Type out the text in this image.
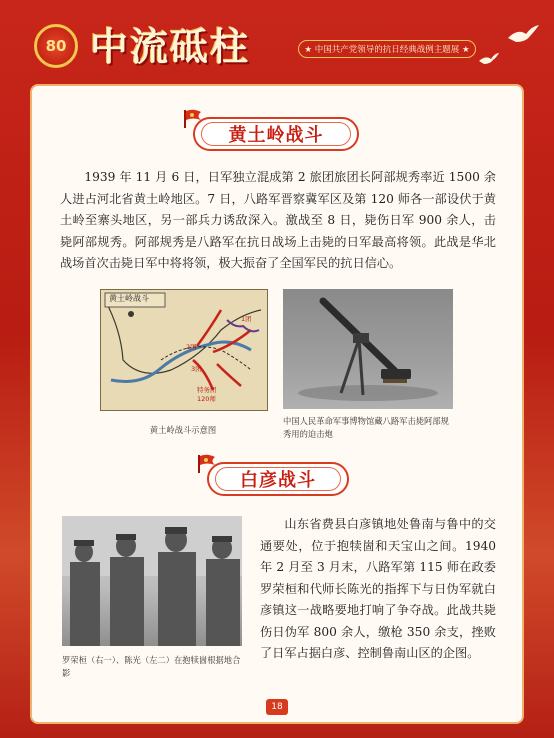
80 中流砥柱	★ 中国共产党领导的抗日经典战例主题展 ★
黄土岭战斗

1939 年 11 月 6 日，日军独立混成第 2 旅团旅团长阿部规秀率近 1500 余人进占河北省黄土岭地区。7 日，八路军晋察冀军区及第 120 师各一部设伏于黄土岭至寨头地区，另一部兵力诱敌深入。激战至 8 日，毙伤日军 900 余人，击毙阿部规秀。阿部规秀是八路军在抗日战场上击毙的日军最高将领。此战是华北战场首次击毙日军中将将领，极大振奋了全国军民的抗日信心。

黄土岭战斗
1团
2团
3团
特务团
120师

黄土岭战斗示意图

中国人民革命军事博物馆藏八路军击毙阿部规秀用的迫击炮

白彦战斗

罗荣桓（右一）、陈光（左二）在抱犊崮根据地合影

山东省费县白彦镇地处鲁南与鲁中的交通要处，位于抱犊崮和天宝山之间。1940 年 2 月至 3 月末，八路军第 115 师在政委罗荣桓和代师长陈光的指挥下与日伪军就白彦镇这一战略要地打响了争夺战。此战共毙伤日伪军 800 余人，缴枪 350 余支，挫败了日军占据白彦、控制鲁南山区的企图。

18
